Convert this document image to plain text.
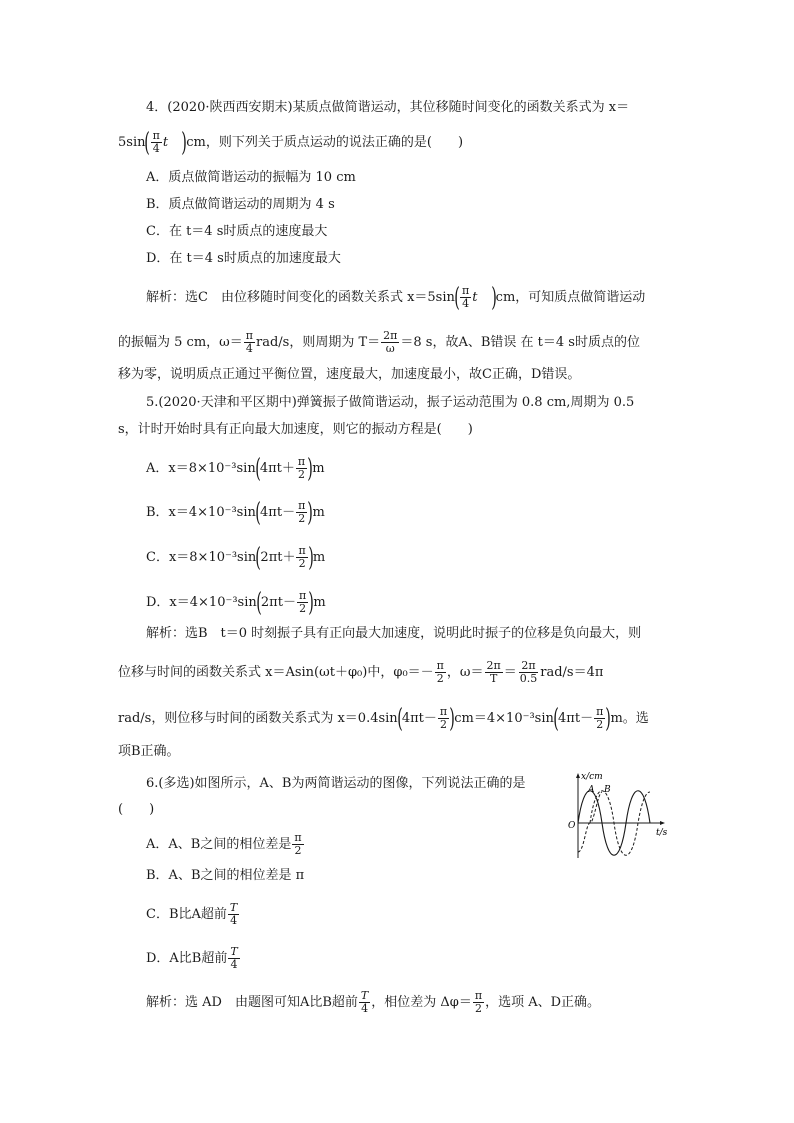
4．(2020·陕西西安期末)某质点做简谐运动，其位移随时间变化的函数关系式为 x＝
$5\sin( \frac{\pi}{4}$ t )cm，则下列关于质点运动的说法正确的是(　　)
A．质点做简谐运动的振幅为 10 cm
B．质点做简谐运动的周期为 4 s
C．在 t＝4 s时质点的速度最大
D．在 t＝4 s时质点的加速度最大
解析：选C　由位移随时间变化的函数关系式 $x=5\sin( \frac{\pi}{4}$ t )cm，可知质点做简谐运动
的振幅为 5 cm，$\omega= \frac{\pi}{4} rad/s$，则周期为 $T= \frac{2\pi}{\omega} =8$ s，故A、B错误 在 t＝4 s时质点的位
移为零，说明质点正通过平衡位置，速度最大，加速度最小，故C正确，D错误。
5.(2020·天津和平区期中)弹簧振子做简谐运动，振子运动范围为 0.8 cm,周期为 0.5
s，计时开始时具有正向最大加速度，则它的振动方程是(　　)
A．$x=8\times 10^{-3}\sin(4\pi t+ \frac{\pi}{2} )m$
B．$x=4\times 10^{-3}\sin(4\pi t- \frac{\pi}{2} )m$
C．$x=8\times 10^{-3}\sin(2\pi t+ \frac{\pi}{2} )m$
D．$x=4\times 10^{-3}\sin(2\pi t- \frac{\pi}{2} )m$
解析：选B　t＝0 时刻振子具有正向最大加速度，说明此时振子的位移是负向最大，则
位移与时间的函数关系式 x＝Asin(ωt＋φ₀)中，$\varphi_0=- \frac{\pi}{2}$ ，$\omega= \frac{2\pi}{T} = \frac{2\pi}{0.5} rad/s=4\pi$
rad/s，则位移与时间的函数关系式为 $x=0.4\sin(4\pi t- \frac{\pi}{2} )cm=4\times 10^{-3}\sin(4\pi t- \frac{\pi}{2} )m$。选
项B正确。
6.(多选)如图所示，A、B为两简谐运动的图像，下列说法正确的是
(　　)
A．A、B之间的相位差是 $\frac{\pi}{2}$
B．A、B之间的相位差是 π
C．B比A超前 $\frac{T}{4}$
D．A比B超前 $\frac{T}{4}$
解析：选 AD　由题图可知A比B超前 $\frac{T}{4}$ ，相位差为 $\Delta\varphi= \frac{\pi}{2}$ ，选项 A、D正确。
x/cm
t/s
O
A B
